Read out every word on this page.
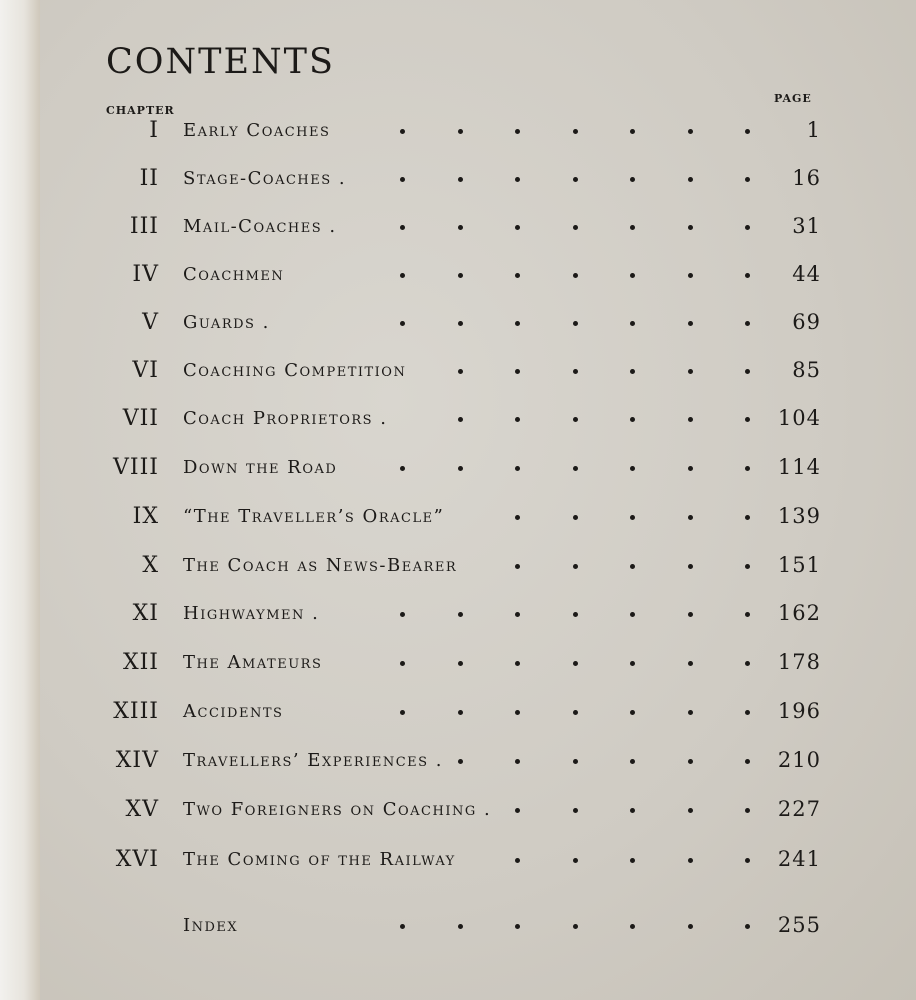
CONTENTS
CHAPTER
PAGE
I Early Coaches	1
II Stage-Coaches .	16
III Mail-Coaches .	31
IV Coachmen	44
V Guards .	69
VI Coaching Competition	85
VII Coach Proprietors .	104
VIII Down the Road	114
IX “The Traveller’s Oracle”	139
X The Coach as News-Bearer	151
XI Highwaymen .	162
XII The Amateurs	178
XIII Accidents	196
XIV Travellers’ Experiences .	210
XV Two Foreigners on Coaching .	227
XVI The Coming of the Railway	241
Index	255
